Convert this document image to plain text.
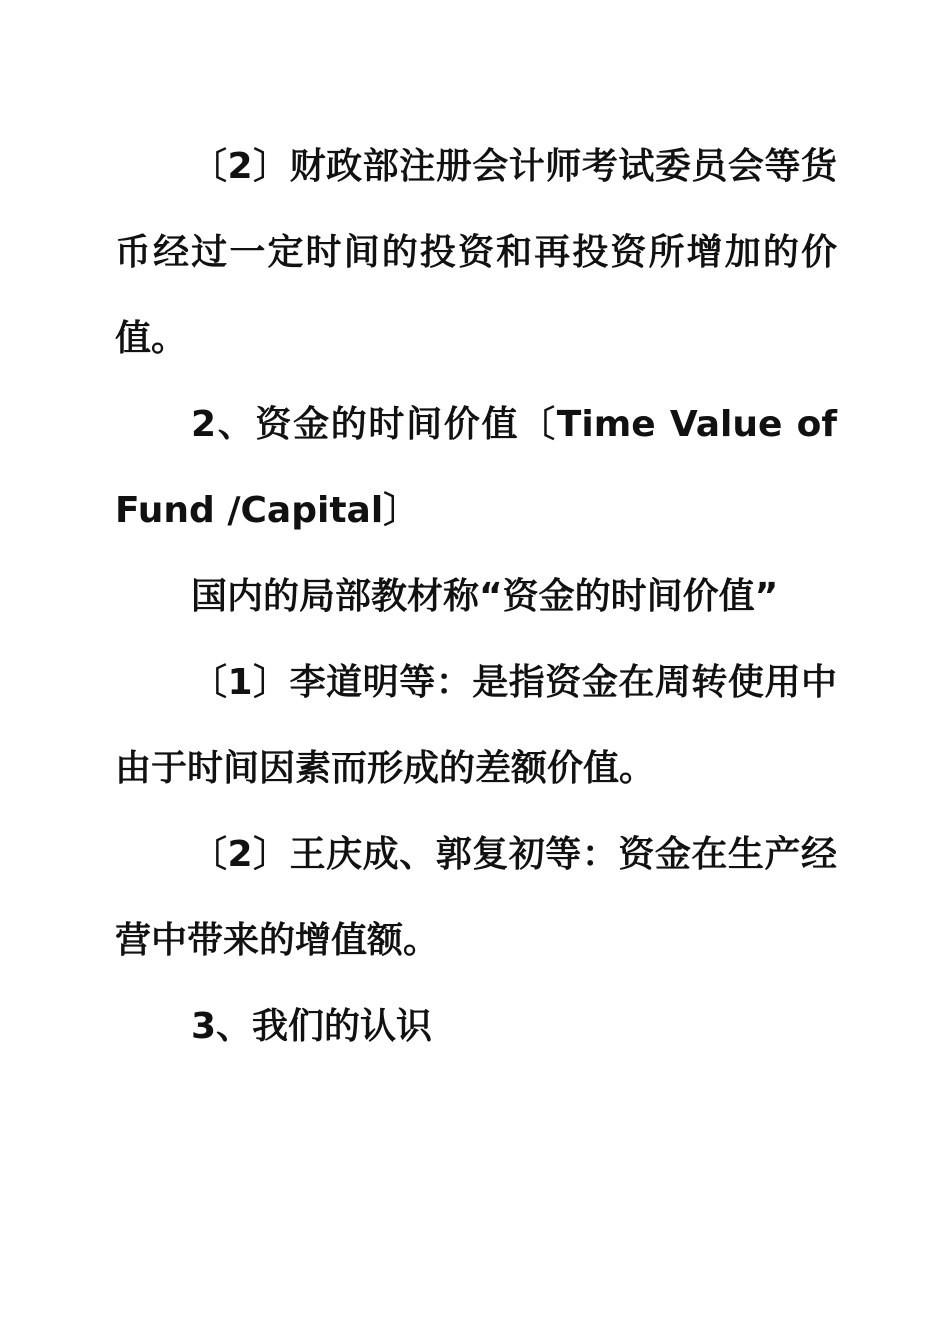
〔2〕财政部注册会计师考试委员会等货币经过一定时间的投资和再投资所增加的价值。

2、资金的时间价值〔Time Value of Fund /Capital〕

国内的局部教材称“资金的时间价值”

〔1〕李道明等：是指资金在周转使用中由于时间因素而形成的差额价值。

〔2〕王庆成、郭复初等：资金在生产经营中带来的增值额。

3、我们的认识
